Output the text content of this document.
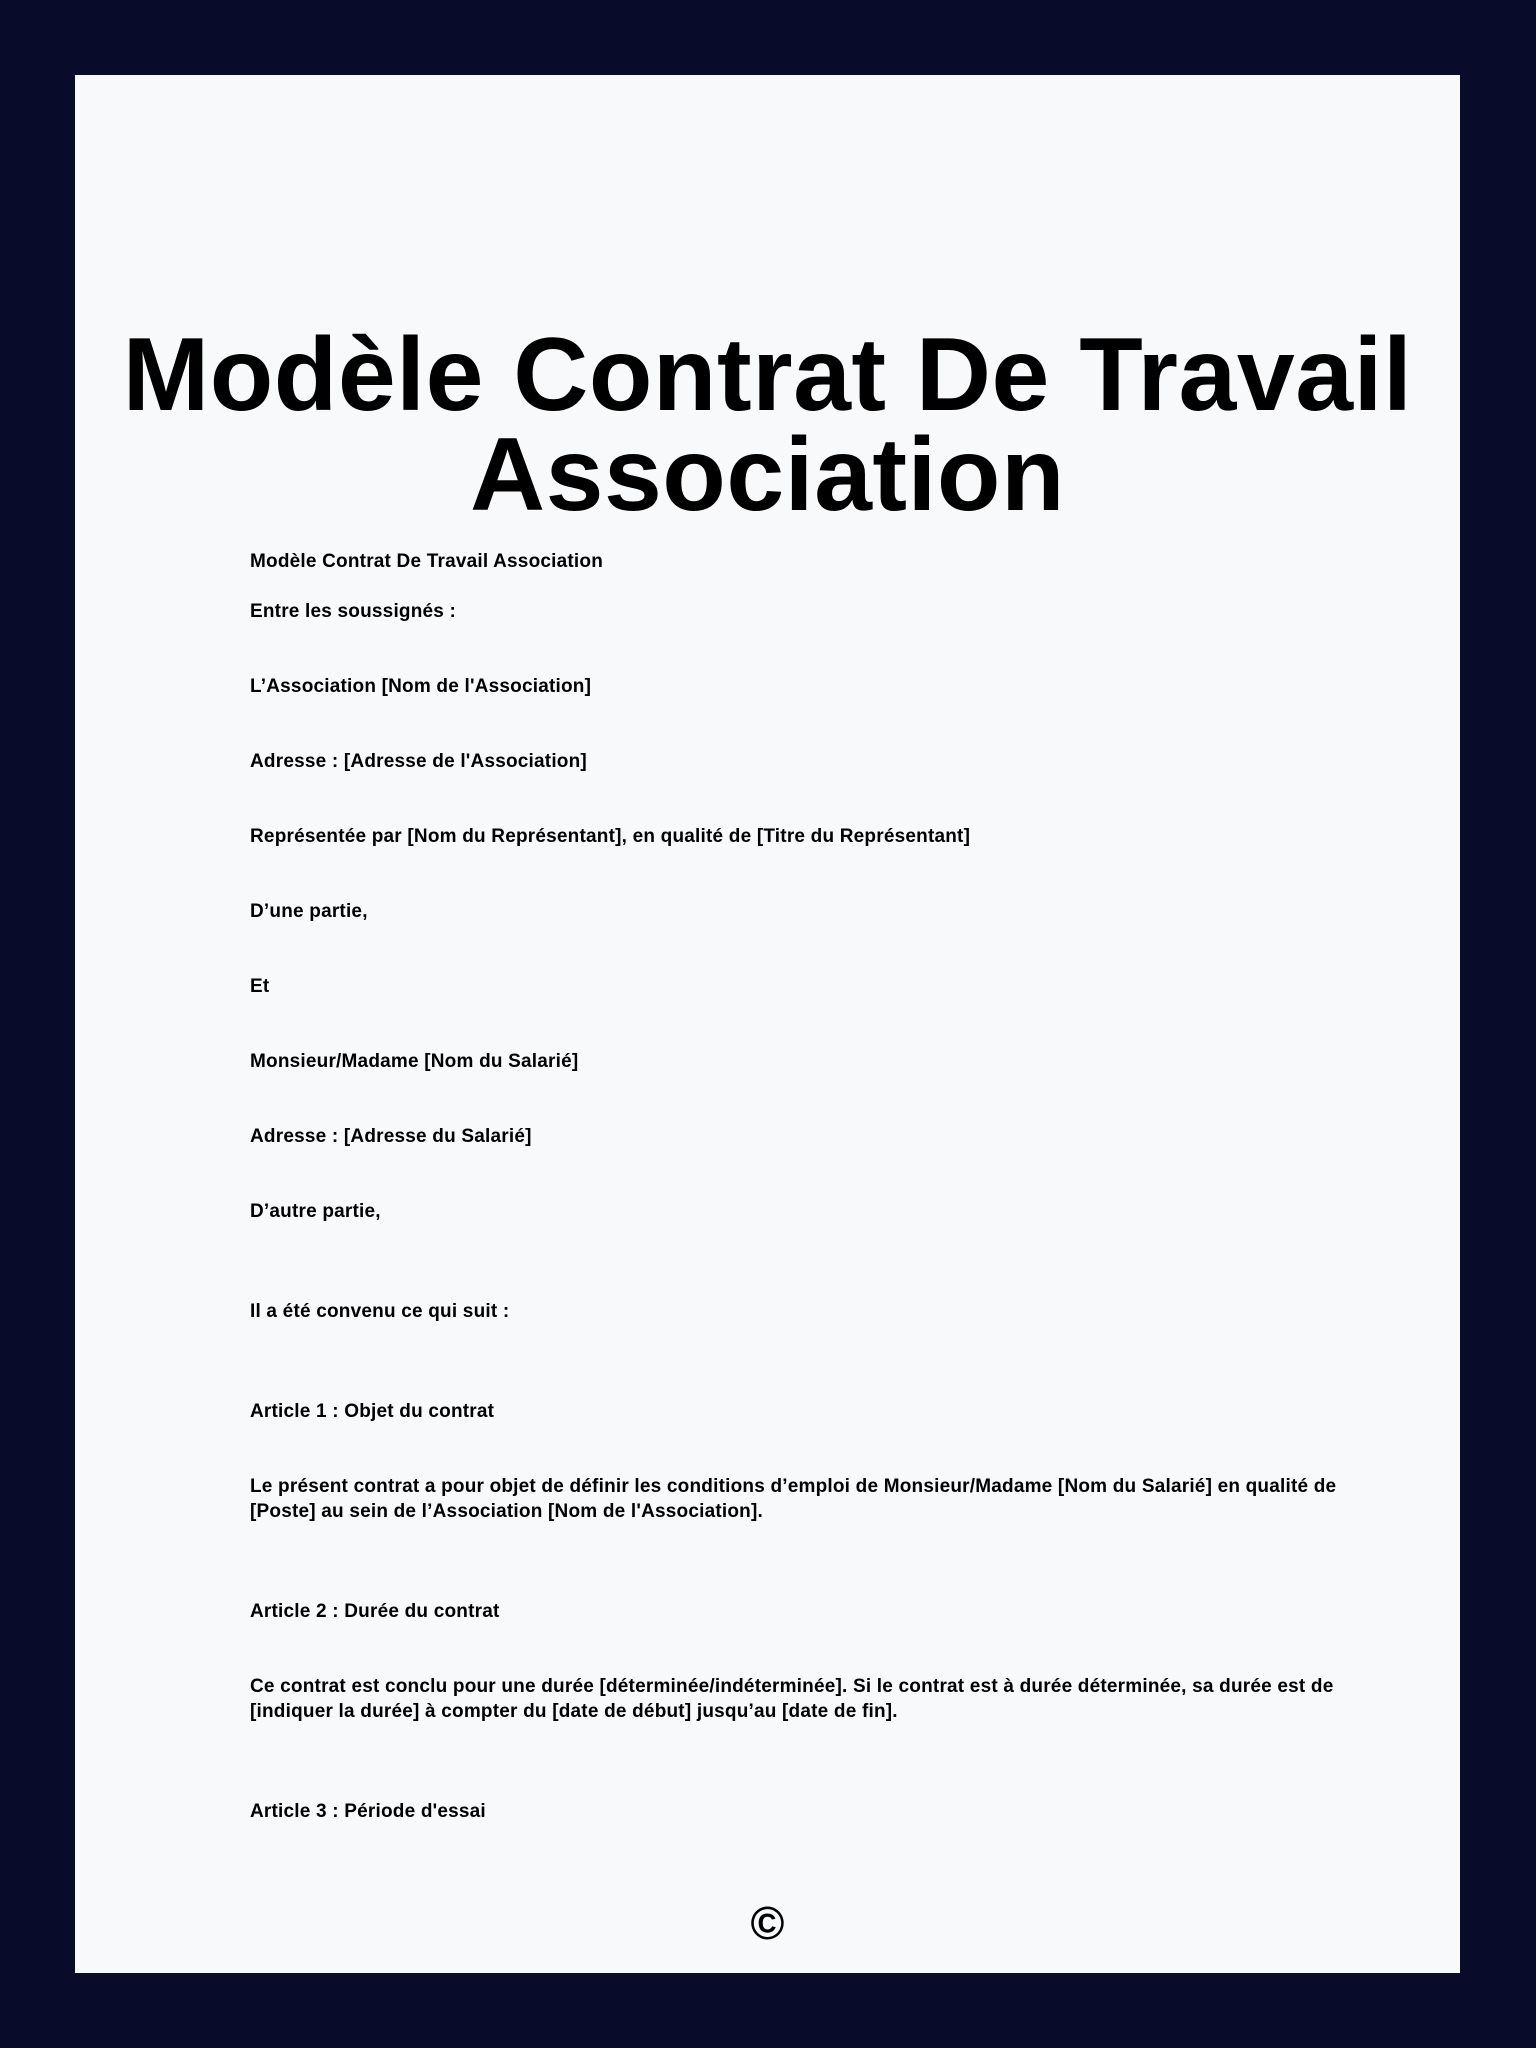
Modèle Contrat De Travail Association

Modèle Contrat De Travail Association

Entre les soussignés :

L’Association [Nom de l'Association]

Adresse : [Adresse de l'Association]

Représentée par [Nom du Représentant], en qualité de [Titre du Représentant]

D’une partie,

Et

Monsieur/Madame [Nom du Salarié]

Adresse : [Adresse du Salarié]

D’autre partie,

Il a été convenu ce qui suit :

Article 1 : Objet du contrat

Le présent contrat a pour objet de définir les conditions d’emploi de Monsieur/Madame [Nom du Salarié] en qualité de [Poste] au sein de l’Association [Nom de l'Association].

Article 2 : Durée du contrat

Ce contrat est conclu pour une durée [déterminée/indéterminée]. Si le contrat est à durée déterminée, sa durée est de [indiquer la durée] à compter du [date de début] jusqu’au [date de fin].

Article 3 : Période d'essai

©
